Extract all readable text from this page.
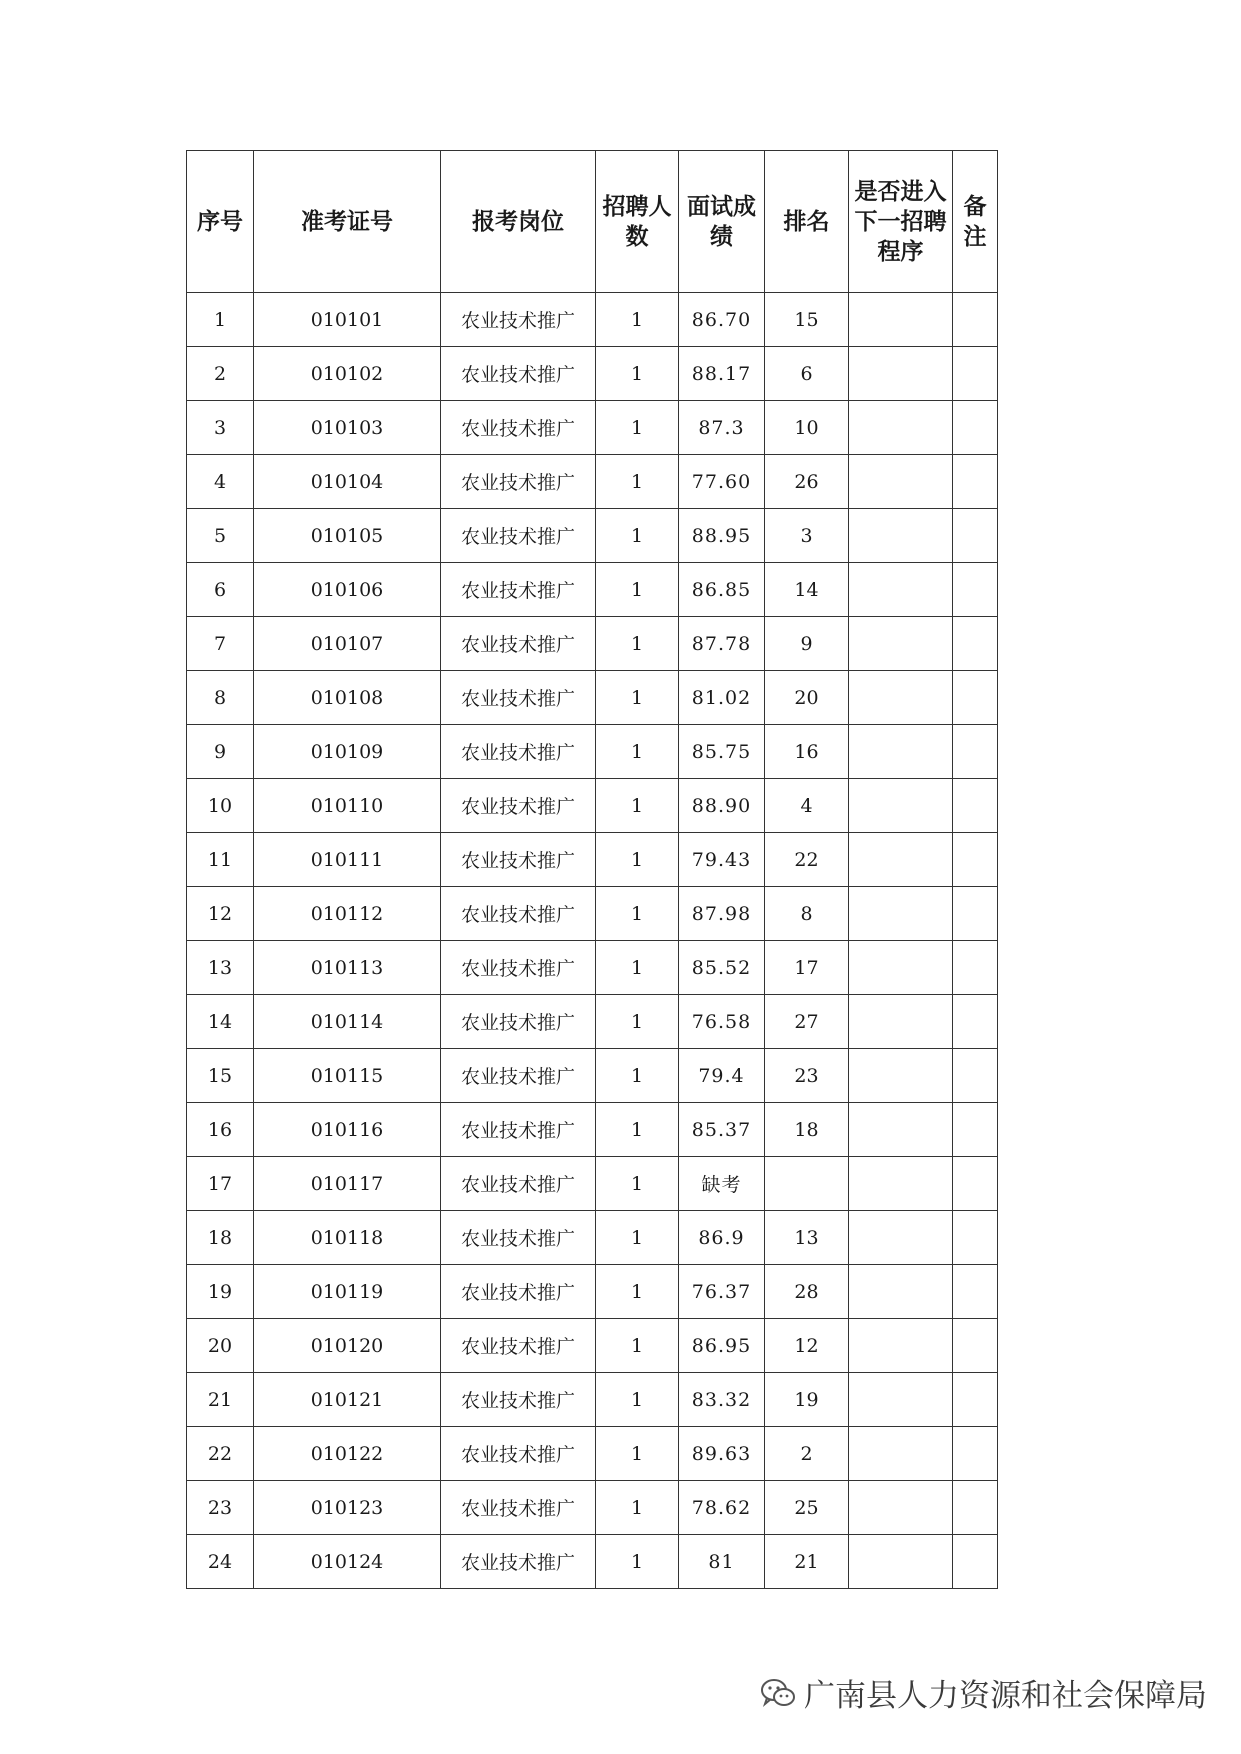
序号	准考证号	报考岗位	招聘人数	面试成绩	排名	是否进入下一招聘程序	备注
1	010101	农业技术推广	1	86.70	15		
2	010102	农业技术推广	1	88.17	6		
3	010103	农业技术推广	1	87.3	10		
4	010104	农业技术推广	1	77.60	26		
5	010105	农业技术推广	1	88.95	3		
6	010106	农业技术推广	1	86.85	14		
7	010107	农业技术推广	1	87.78	9		
8	010108	农业技术推广	1	81.02	20		
9	010109	农业技术推广	1	85.75	16		
10	010110	农业技术推广	1	88.90	4		
11	010111	农业技术推广	1	79.43	22		
12	010112	农业技术推广	1	87.98	8		
13	010113	农业技术推广	1	85.52	17		
14	010114	农业技术推广	1	76.58	27		
15	010115	农业技术推广	1	79.4	23		
16	010116	农业技术推广	1	85.37	18		
17	010117	农业技术推广	1	缺考			
18	010118	农业技术推广	1	86.9	13		
19	010119	农业技术推广	1	76.37	28		
20	010120	农业技术推广	1	86.95	12		
21	010121	农业技术推广	1	83.32	19		
22	010122	农业技术推广	1	89.63	2		
23	010123	农业技术推广	1	78.62	25		
24	010124	农业技术推广	1	81	21		
广南县人力资源和社会保障局
